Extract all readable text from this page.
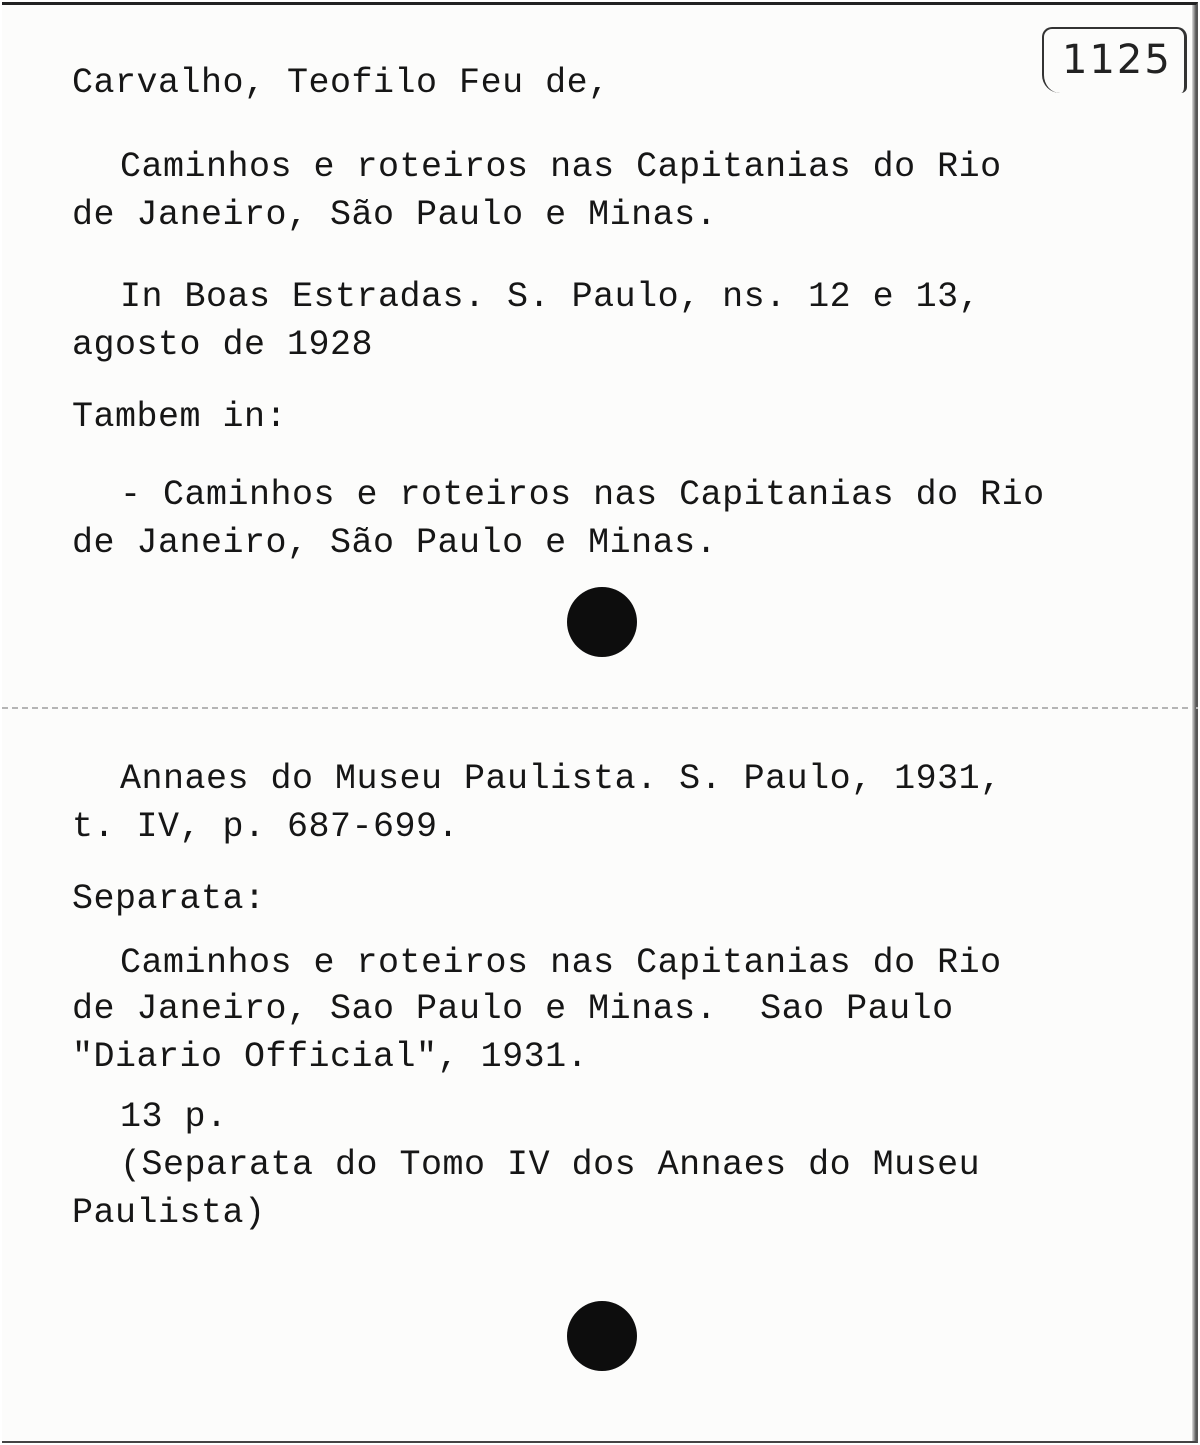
Carvalho, Teofilo Feu de,	1125
Caminhos e roteiros nas Capitanias do Rio
de Janeiro, São Paulo e Minas.
In Boas Estradas. S. Paulo, ns. 12 e 13,
agosto de 1928
Tambem in:
- Caminhos e roteiros nas Capitanias do Rio
de Janeiro, São Paulo e Minas.
Annaes do Museu Paulista. S. Paulo, 1931,
t. IV, p. 687-699.
Separata:
Caminhos e roteiros nas Capitanias do Rio
de Janeiro, Sao Paulo e Minas.  Sao Paulo
"Diario Official", 1931.
13 p.
(Separata do Tomo IV dos Annaes do Museu
Paulista)
